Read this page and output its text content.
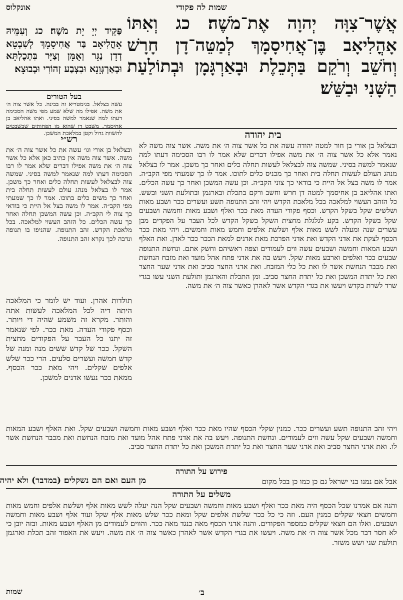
שמות לה פקודי
אונקלוס
אֲשֶׁר־צִוָּה יְהוָה אֶת־מֹשֶׁה׃ כג וְאִתּוֹ אָהֳלִיאָב בֶּן־אֲחִיסָמָךְ לְמַטֵּה־דָן חָרָשׁ וְחֹשֵׁב וְרֹקֵם בַּתְּכֵלֶת וּבָאַרְגָּמָן וּבְתוֹלַעַת הַשָּׁנִי וּבַשֵּׁשׁ׃
פַּקֵּיד יְיָ יָת מֹשֶׁה׃ כג וְעִמֵּיהּ אָהֳלִיאָב בַּר אֲחִיסָמָךְ לְשִׁבְטָא דְדָן נַגָּר וְאֻמָּן וְצַיָּר בִּתְכֶלְתָּא וּבְאַרְגְּוָנָא וּבִצְבַע זְהוֹרִי וּבְבוּצָא׃
בעל הטורים
עשה בצלאל. בגימטריא זה בבינה. כל אשר צוה ה׳ את משה. אפילו מה שלא שמע מפי משה הסכימה דעתו למה שנאמר למשה בסיני. ואתו אהליאב בן אחיסמך. משבט דן שהוא מן הפחותים שבשבטים להשוות גדול וקטן במלאכת המשכן.	בית יהודה
ובצלאל בן אורי בן חור למטה יהודה עשה את כל אשר צוה ה׳ את משה. אשר צוה משה לא נאמר אלא כל אשר צוה ה׳ את משה אפילו דברים שלא אמר לו רבו הסכימה דעתו למה שנאמר למשה בסיני. שמשה צוה לבצלאל לעשות תחלה כלים ואחר כך משכן. אמר לו בצלאל מנהג העולם לעשות תחלה בית ואחר כך מכניס כלים לתוכו. אמר לו כך שמעתי מפי הקב״ה. אמר לו משה בצל אל היית כי בודאי כך צוני הקב״ה. וכן עשה המשכן ואחר כך עשה הכלים. ואתו אהליאב בן אחיסמך למטה דן חרש וחשב ורקם בתכלת ובארגמן ובתולעת השני ובשש. כל הזהב העשוי למלאכה בכל מלאכת הקדש ויהי זהב התנופה תשע ועשרים ככר ושבע מאות ושלשים שקל בשקל הקדש. וכסף פקודי העדה מאת ככר ואלף ושבע מאות וחמשה ושבעים שקל בשקל הקדש. בקע לגלגלת מחצית השקל בשקל הקדש לכל העבר על הפקדים מבן עשרים שנה ומעלה לשש מאות אלף ושלשת אלפים וחמש מאות וחמשים. ויהי מאת ככר הכסף לצקת את אדני הקדש ואת אדני הפרכת מאת אדנים למאת הככר ככר לאדן. ואת האלף ושבע המאות וחמשה ושבעים עשה ווים לעמודים וצפה ראשיהם וחשק אתם. ונחשת התנופה שבעים ככר ואלפים וארבע מאות שקל. ויעש בה את אדני פתח אהל מועד ואת מזבח הנחשת ואת מכבר הנחשת אשר לו ואת כל כלי המזבח. ואת אדני החצר סביב ואת אדני שער החצר ואת כל יתדת המשכן ואת כל יתדת החצר סביב. ומן התכלת והארגמן ותולעת השני עשו בגדי שרד לשרת בקדש ויעשו את בגדי הקדש אשר לאהרן כאשר צוה ה׳ את משה.
רש״י
ובצלאל בן אורי וגו׳ עשה את כל אשר צוה ה׳ את משה. אשר צוה משה אין כתיב כאן אלא כל אשר צוה ה׳ את משה אפילו דברים שלא אמר לו רבו הסכימה דעתו למה שנאמר למשה בסיני. שמשה צוה לבצלאל לעשות תחלה כלים ואחר כך משכן. אמר לו בצלאל מנהג עולם לעשות תחלה בית ואחר כך משים כלים בתוכו. אמר לו כך שמעתי מפי הקב״ה. אמר לו משה בצל אל היית כי בודאי כך צוה לי הקב״ה. וכן עשה המשכן תחלה ואחר כך עשה הכלים. כל הזהב העשוי למלאכה. בכל מלאכת הקדש. זהב התנופה. שהניפו בו תנופה ונדבה לכך נקרא זהב התנופה.
תולדות אהרן. ועוד יש לומר כי המלאכה היתה דיה לכל המלאכה לעשות אתה והותר. מקרא זה משמע שהיה די ויותר. וכסף פקודי העדה. מאת ככר. לפי שנאמר זה יתנו כל העבר על הפקודים מחצית השקל. ככר של קדש ששים מנה ומנה של קדש חמשה ועשרים סלעים. הרי ככר שלש אלפים שקלים. ויהי מאת ככר הכסף. ממאת ככר נעשו אדנים למשכן.
ויהי זהב התנופה תשע ועשרים ככר. כמנין שקלי הכסף שהיו מאת ככר ואלף ושבע מאות וחמשה ושבעים שקל. ואת האלף ושבע המאות וחמשה ושבעים שקל עשה ווים לעמודים. ונחשת התנופה. ויעש בה את אדני פתח אהל מועד ואת מזבח הנחשת ואת מכבר הנחשת אשר לו. ואת אדני החצר סביב ואת אדני שער החצר ואת כל יתדת המשכן ואת כל יתדת החצר סביב.
פירוש על התורה
אבל אם נמנו בני ישראל גם כן כמו כן בכל מקום
מן העם ואם הם נשקלים׃ (במדבר) ולא יהיה
משלים על התורה
והנה אם אמרנו שכל הכסף היה מאת ככר ואלף ושבע מאות וחמשה ושבעים שקל הנה יעלה לשש מאות אלף ושלשת אלפים וחמש מאות וחמשים חצאי שקלים כמנין העם. וזה כי כל ככר שלשת אלפים שקל ומאת ככר שלש מאות אלף שקל ועוד אלף ושבע מאות וחמשה ושבעים. ואלו הם חצאי שקלים כמספר הפקודים. והנה אדני הכסף מאה כנגד מאה ככר. והווים לעמודים מן האלף ושבע מאות. ובזה יובן כי לא חסר דבר מכל אשר צוה ה׳ את משה. ויעשו את בגדי הקדש אשר לאהרן כאשר צוה ה׳ את משה. ויעש את האפוד זהב תכלת וארגמן תולעת שני ושש משזר.
ב׳
שמות
